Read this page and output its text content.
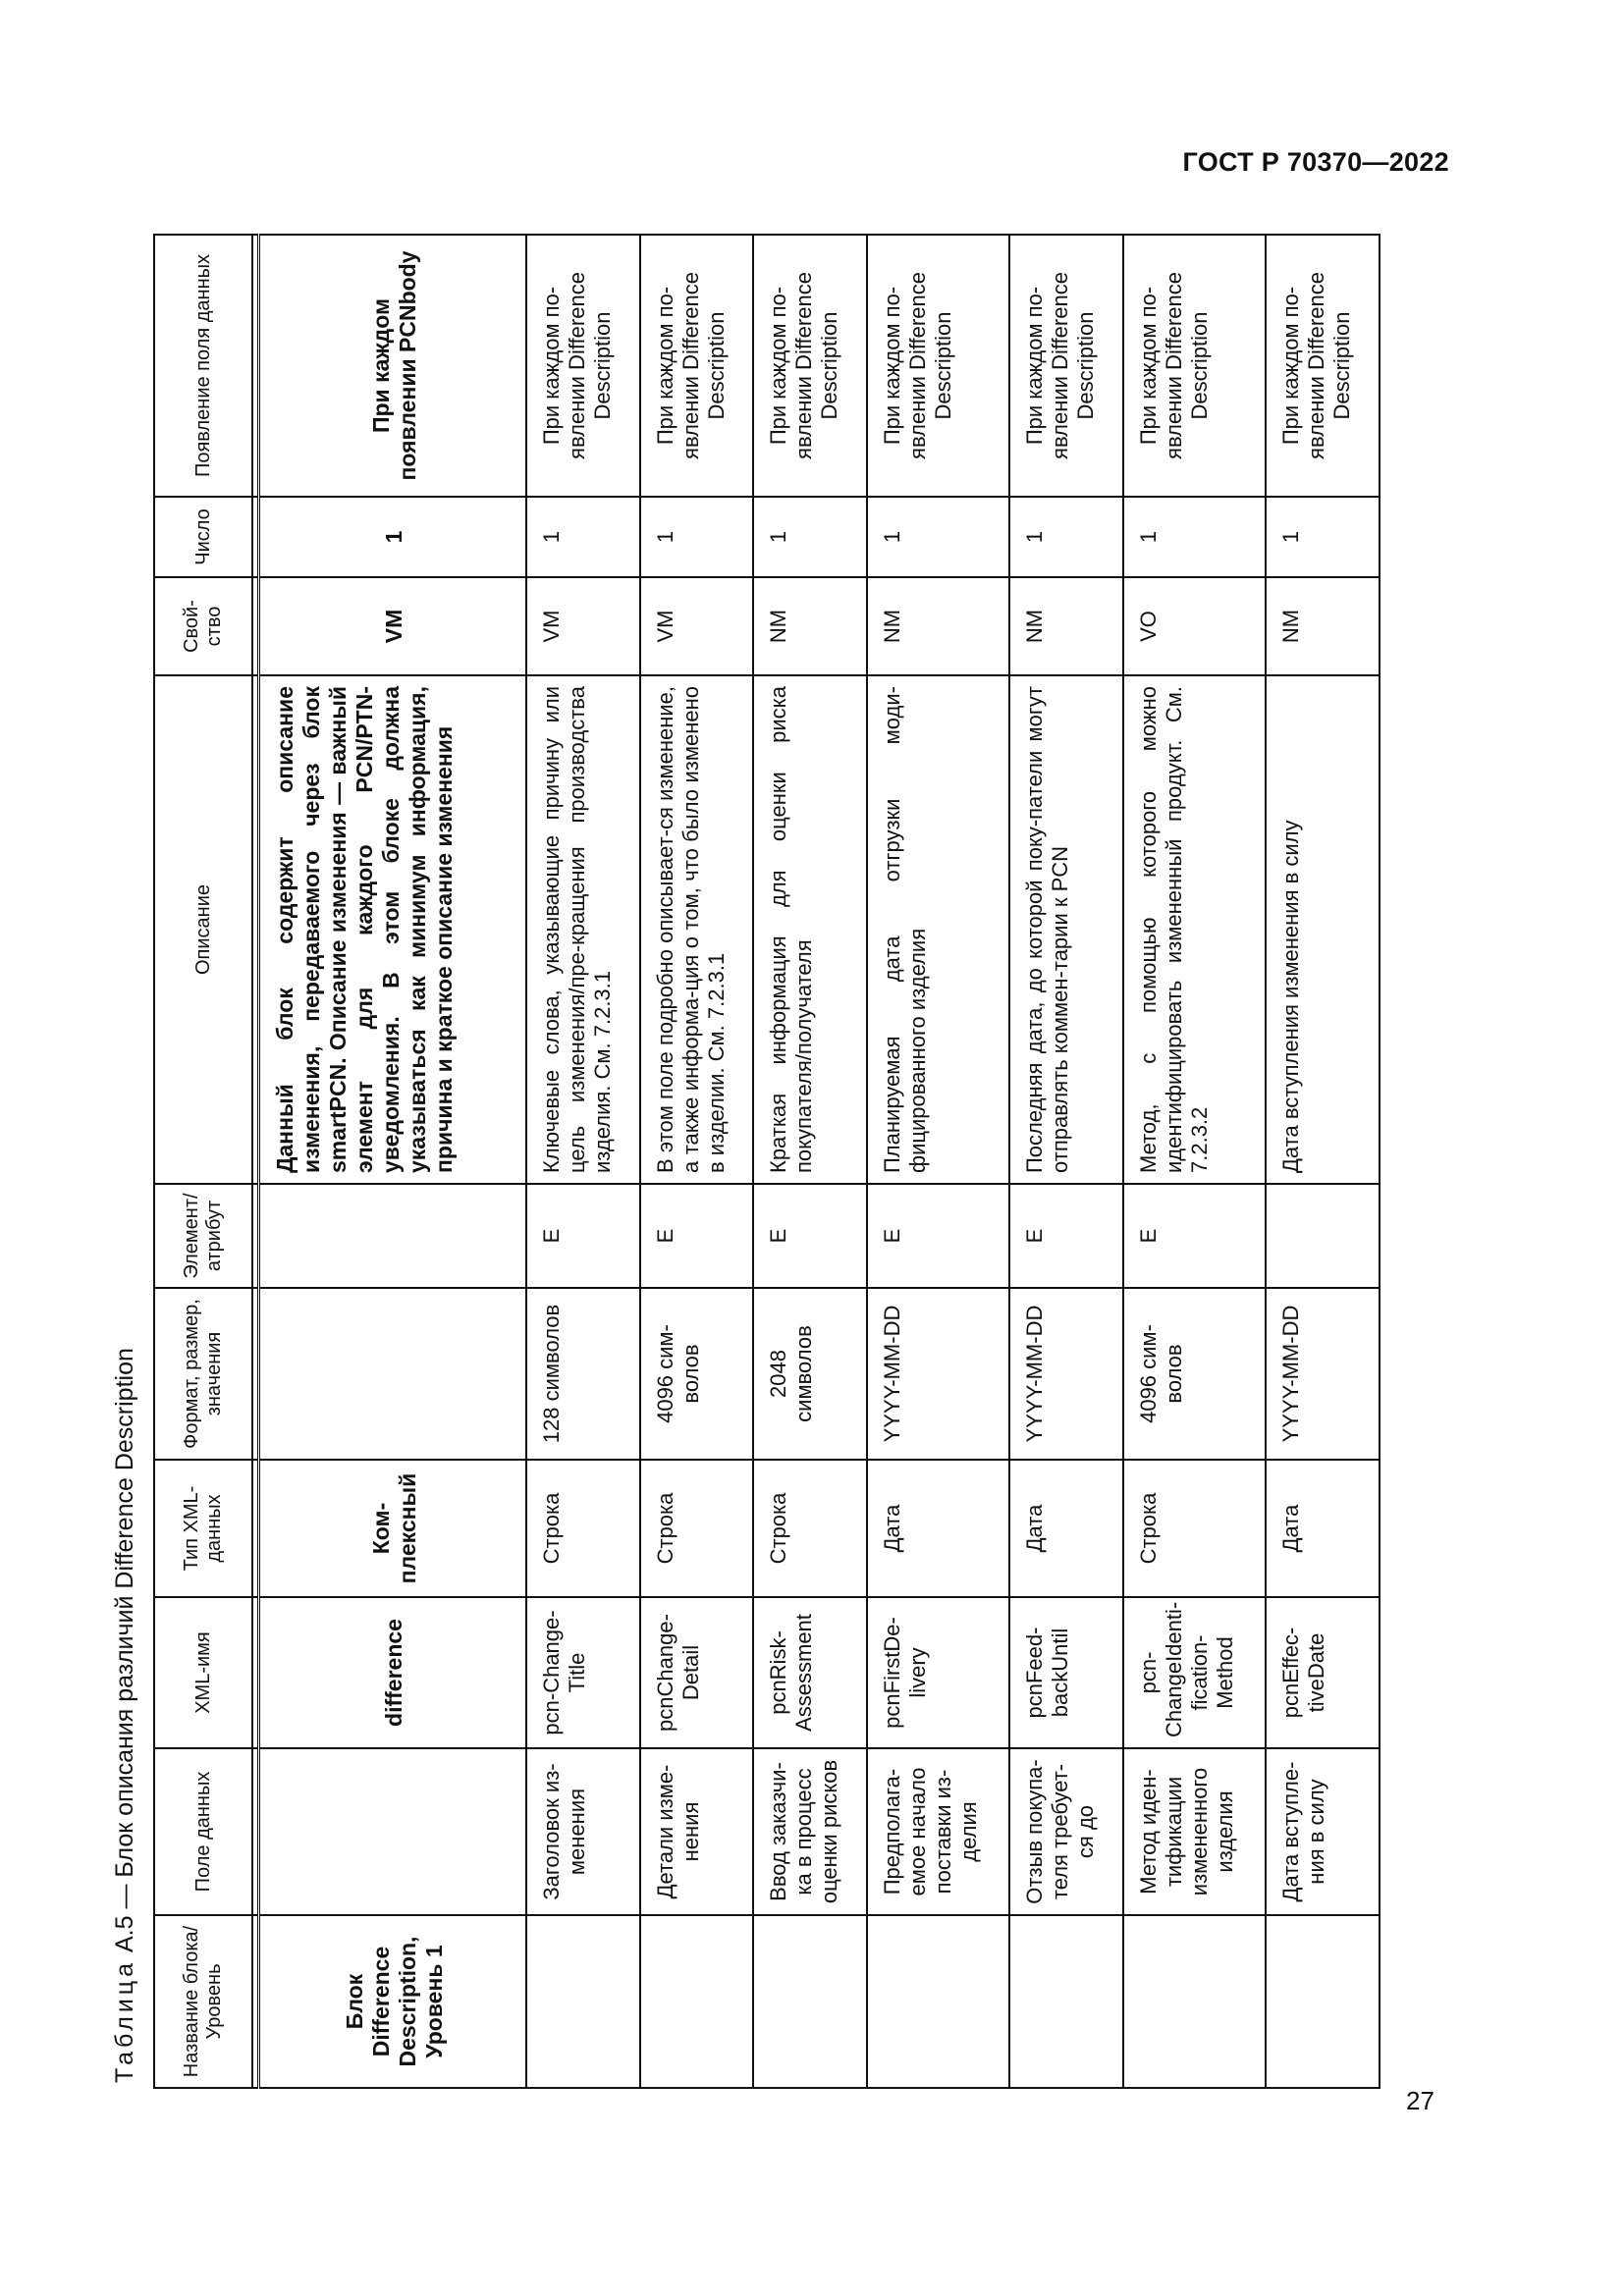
ГОСТ Р 70370—2022
Таблица А.5 — Блок описания различий Difference Description
Название блока/ Уровень	Поле данных	XML-имя	Тип XML-данных	Формат, размер, значения	Элемент/ атрибут	Описание	Свой-ство	Число	Появление поля данных

Блок Difference Description, Уровень 1		difference	Ком-плексный			Данный блок содержит описание изменения, передаваемого через блок smartPCN. Описание изменения — важный элемент для каждого PCN/PTN-уведомления. В этом блоке должна указываться как минимум информация, причина и краткое описание изменения	VM	1	При каждом появлении PCNbody
	Заголовок из-менения	pcn-Change-Title	Строка	128 символов	E	Ключевые слова, указывающие причину или цель изменения/пре-кращения производства изделия. См. 7.2.3.1	VM	1	При каждом по-явлении Difference Description
	Детали изме-нения	pcnChange-Detail	Строка	4096 сим-волов	E	В этом поле подробно описывает-ся изменение, а также информа-ция о том, что было изменено в изделии. См. 7.2.3.1	VM	1	При каждом по-явлении Difference Description
	Ввод заказчи-ка в процесс оценки рисков	pcnRisk-Assessment	Строка	2048 символов	E	Краткая информация для оценки риска покупателя/получателя	NM	1	При каждом по-явлении Difference Description
	Предполага-емое начало поставки из-делия	pcnFirstDe-livery	Дата	YYYY-MM-DD	E	Планируемая дата отгрузки моди-фицированного изделия	NM	1	При каждом по-явлении Difference Description
	Отзыв покупа-теля требует-ся до	pcnFeed-backUntil	Дата	YYYY-MM-DD	E	Последняя дата, до которой поку-патели могут отправлять коммен-тарии к PCN	NM	1	При каждом по-явлении Difference Description
	Метод иден-тификации измененного изделия	pcn-ChangeIdenti-fication-Method	Строка	4096 сим-волов	E	Метод, с помощью которого можно идентифицировать измененный продукт. См. 7.2.3.2	VO	1	При каждом по-явлении Difference Description
	Дата вступле-ния в силу	pcnEffec-tiveDate	Дата	YYYY-MM-DD		Дата вступления изменения в силу	NM	1	При каждом по-явлении Difference Description
27
